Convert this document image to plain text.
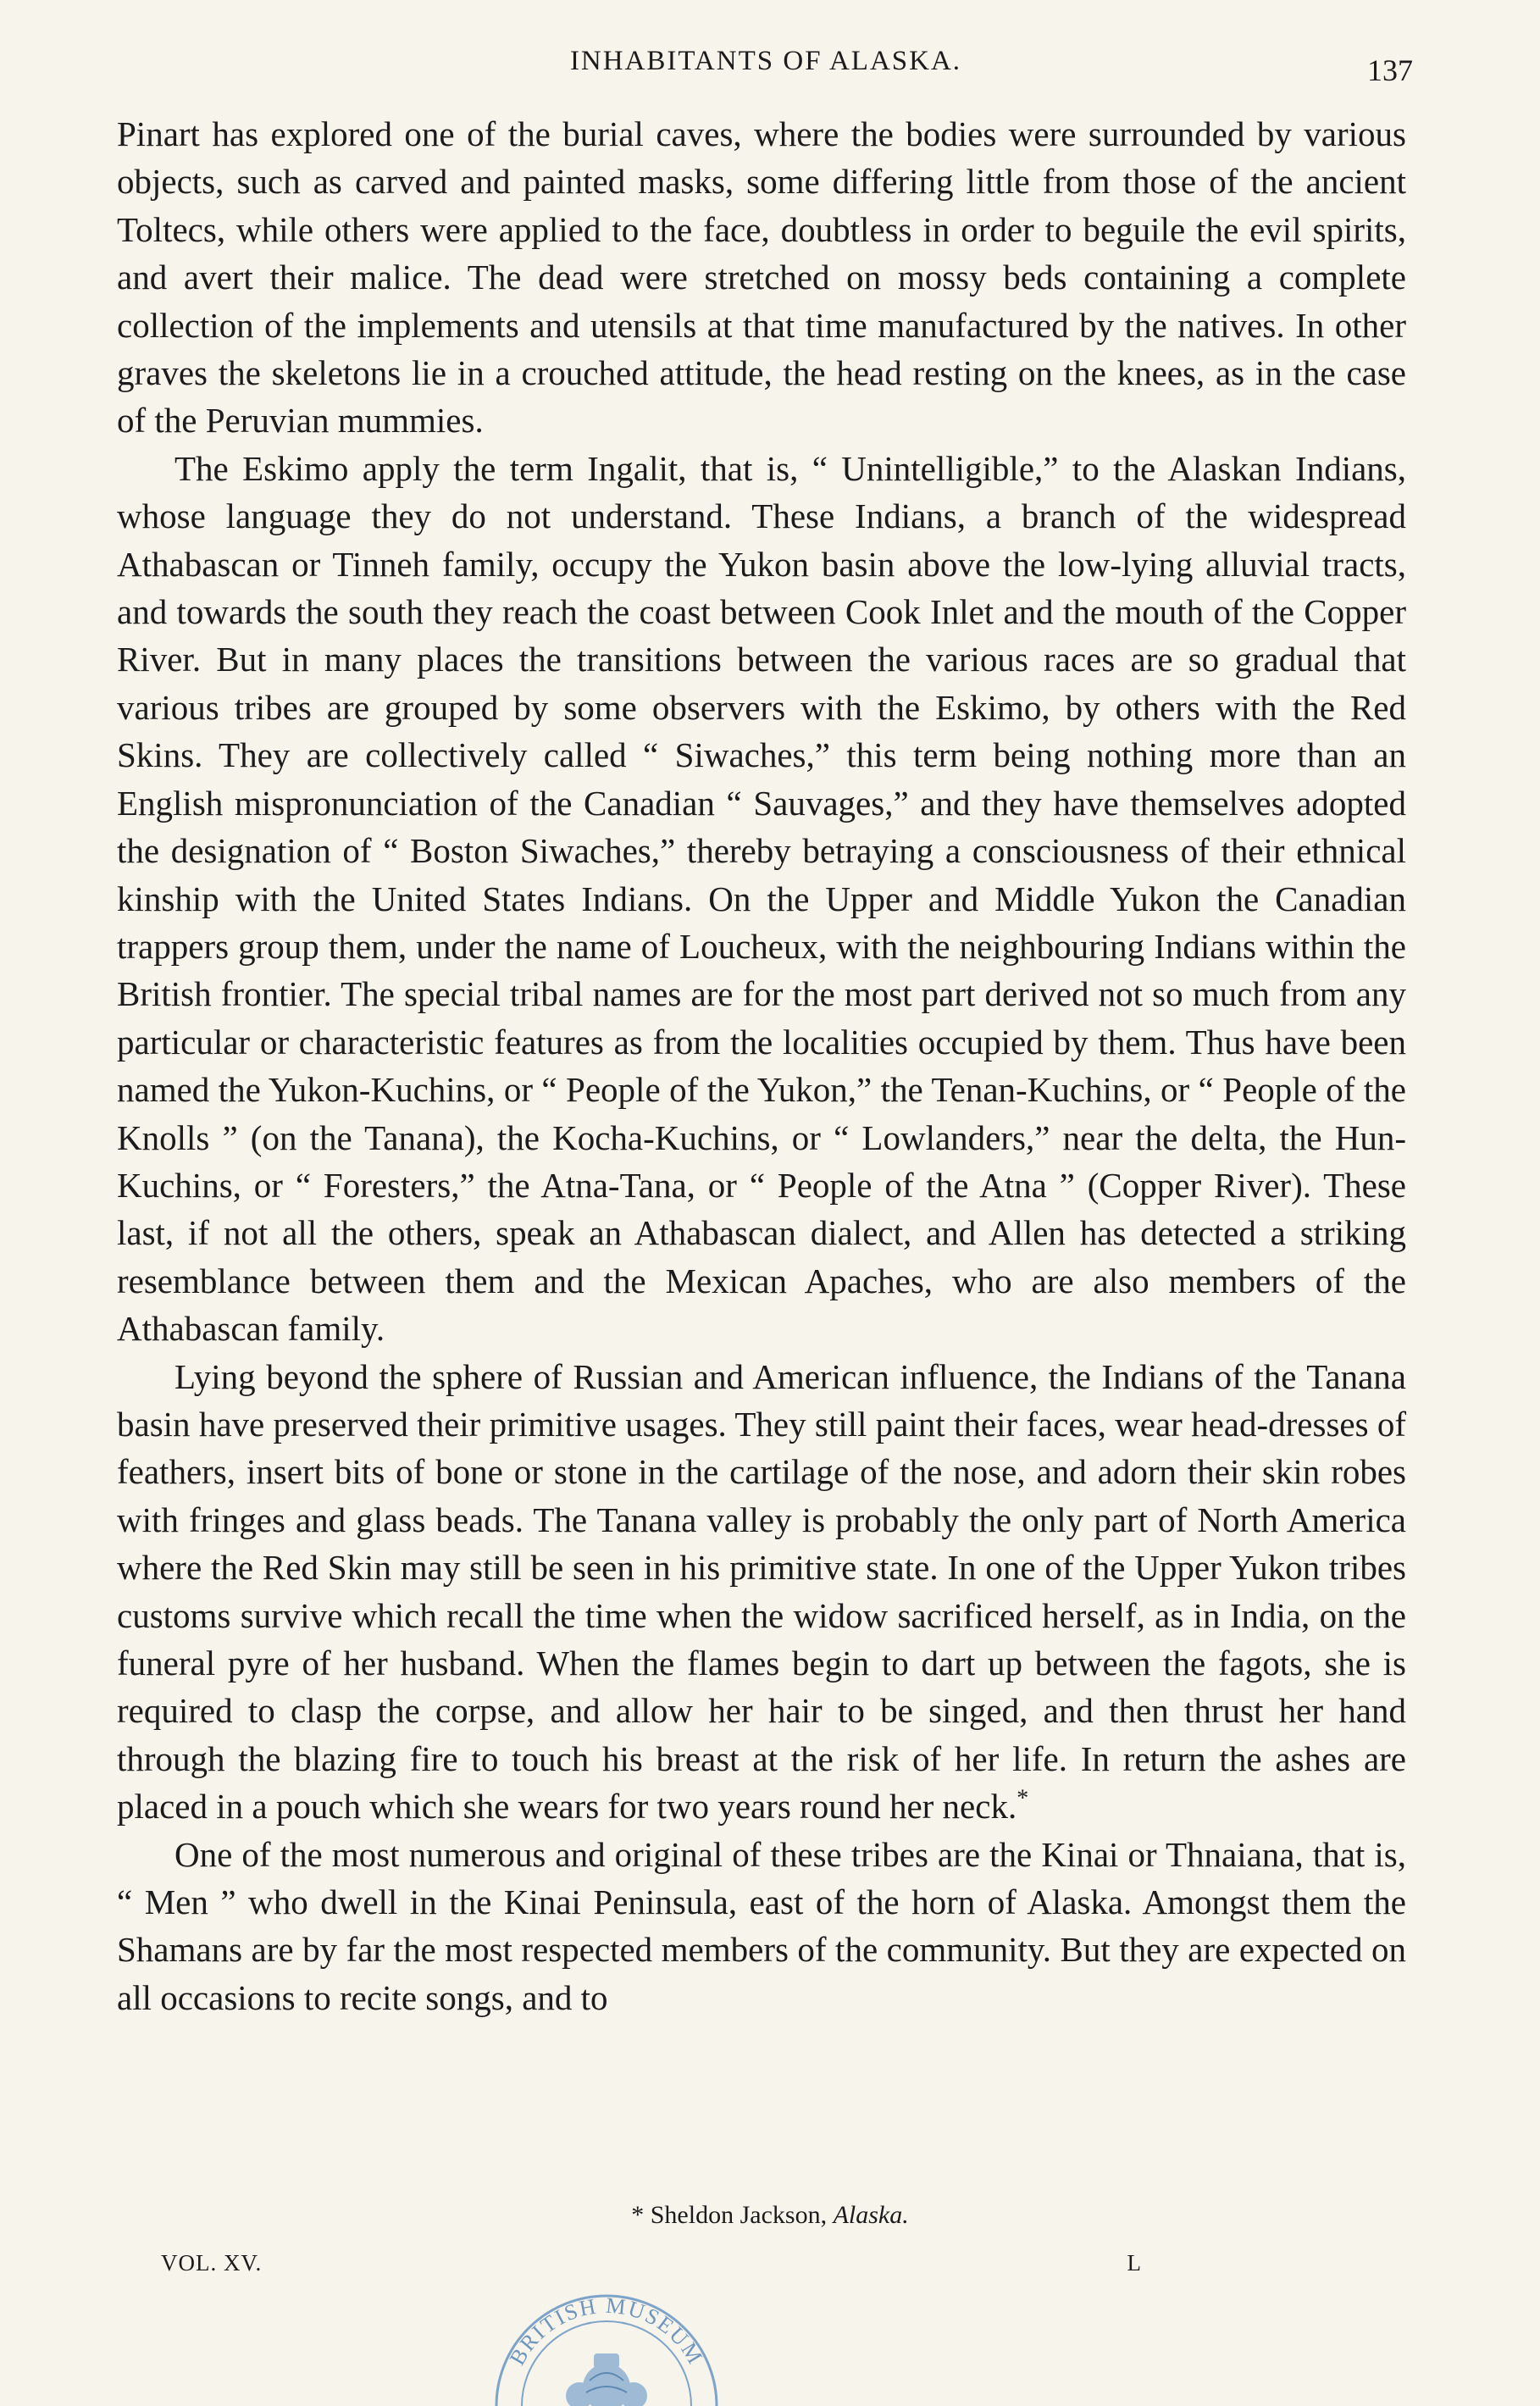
INHABITANTS OF ALASKA.	137

Pinart has explored one of the burial caves, where the bodies were surrounded by various objects, such as carved and painted masks, some differing little from those of the ancient Toltecs, while others were applied to the face, doubtless in order to beguile the evil spirits, and avert their malice. The dead were stretched on mossy beds containing a complete collection of the implements and utensils at that time manufactured by the natives. In other graves the skeletons lie in a crouched attitude, the head resting on the knees, as in the case of the Peruvian mummies.

The Eskimo apply the term Ingalit, that is, “ Unintelligible,” to the Alaskan Indians, whose language they do not understand. These Indians, a branch of the widespread Athabascan or Tinneh family, occupy the Yukon basin above the low-lying alluvial tracts, and towards the south they reach the coast between Cook Inlet and the mouth of the Copper River. But in many places the transitions between the various races are so gradual that various tribes are grouped by some observers with the Eskimo, by others with the Red Skins. They are collectively called “ Siwaches,” this term being nothing more than an English mispronunciation of the Canadian “ Sauvages,” and they have themselves adopted the designation of “ Boston Siwaches,” thereby betraying a consciousness of their ethnical kinship with the United States Indians. On the Upper and Middle Yukon the Canadian trappers group them, under the name of Loucheux, with the neighbouring Indians within the British frontier. The special tribal names are for the most part derived not so much from any particular or characteristic features as from the localities occupied by them. Thus have been named the Yukon-Kuchins, or “ People of the Yukon,” the Tenan-Kuchins, or “ People of the Knolls ” (on the Tanana), the Kocha-Kuchins, or “ Lowlanders,” near the delta, the Hun-Kuchins, or “ Foresters,” the Atna-Tana, or “ People of the Atna ” (Copper River). These last, if not all the others, speak an Athabascan dialect, and Allen has detected a striking resemblance between them and the Mexican Apaches, who are also members of the Athabascan family.

Lying beyond the sphere of Russian and American influence, the Indians of the Tanana basin have preserved their primitive usages. They still paint their faces, wear head-dresses of feathers, insert bits of bone or stone in the cartilage of the nose, and adorn their skin robes with fringes and glass beads. The Tanana valley is probably the only part of North America where the Red Skin may still be seen in his primitive state. In one of the Upper Yukon tribes customs survive which recall the time when the widow sacrificed herself, as in India, on the funeral pyre of her husband. When the flames begin to dart up between the fagots, she is required to clasp the corpse, and allow her hair to be singed, and then thrust her hand through the blazing fire to touch his breast at the risk of her life. In return the ashes are placed in a pouch which she wears for two years round her neck.*

One of the most numerous and original of these tribes are the Kinai or Thnaiana, that is, “ Men ” who dwell in the Kinai Peninsula, east of the horn of Alaska. Amongst them the Shamans are by far the most respected members of the community. But they are expected on all occasions to recite songs, and to

* Sheldon Jackson, Alaska.
VOL. XV.	L
BRITISH MUSEUM
